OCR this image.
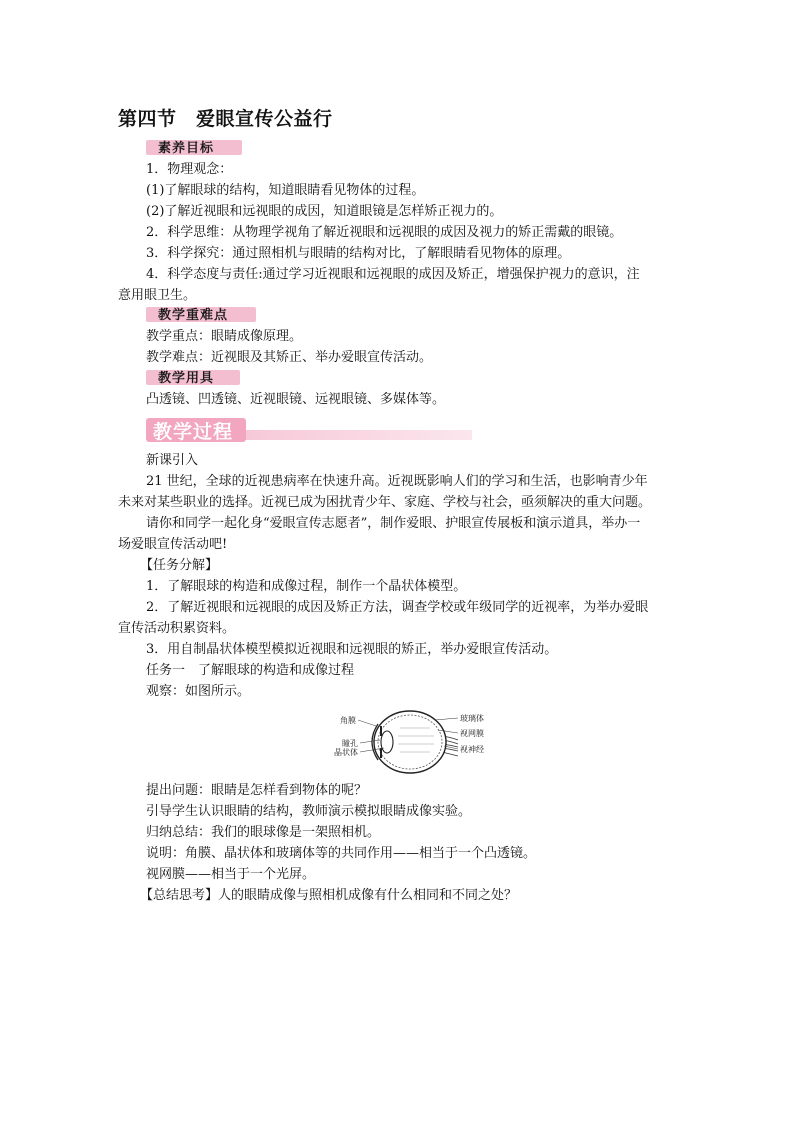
第四节　爱眼宣传公益行
素养目标
1．物理观念：
(1)了解眼球的结构，知道眼睛看见物体的过程。
(2)了解近视眼和远视眼的成因，知道眼镜是怎样矫正视力的。
2．科学思维：从物理学视角了解近视眼和远视眼的成因及视力的矫正需戴的眼镜。
3．科学探究：通过照相机与眼睛的结构对比，了解眼睛看见物体的原理。
4．科学态度与责任:通过学习近视眼和远视眼的成因及矫正，增强保护视力的意识，注
意用眼卫生。
教学重难点
教学重点：眼睛成像原理。
教学难点：近视眼及其矫正、举办爱眼宣传活动。
教学用具
凸透镜、凹透镜、近视眼镜、远视眼镜、多媒体等。
教学过程
新课引入
21 世纪，全球的近视患病率在快速升高。近视既影响人们的学习和生活，也影响青少年
未来对某些职业的选择。近视已成为困扰青少年、家庭、学校与社会，亟须解决的重大问题。
请你和同学一起化身“爱眼宣传志愿者”，制作爱眼、护眼宣传展板和演示道具，举办一
场爱眼宣传活动吧!
【任务分解】
1．了解眼球的构造和成像过程，制作一个晶状体模型。
2．了解近视眼和远视眼的成因及矫正方法，调查学校或年级同学的近视率，为举办爱眼
宣传活动积累资料。
3．用自制晶状体模型模拟近视眼和远视眼的矫正，举办爱眼宣传活动。
任务一　了解眼球的构造和成像过程
观察：如图所示。
角膜
瞳孔
晶状体
玻璃体
视网膜
视神经
提出问题：眼睛是怎样看到物体的呢？
引导学生认识眼睛的结构，教师演示模拟眼睛成像实验。
归纳总结：我们的眼球像是一架照相机。
说明：角膜、晶状体和玻璃体等的共同作用——相当于一个凸透镜。
视网膜——相当于一个光屏。
【总结思考】人的眼睛成像与照相机成像有什么相同和不同之处？
